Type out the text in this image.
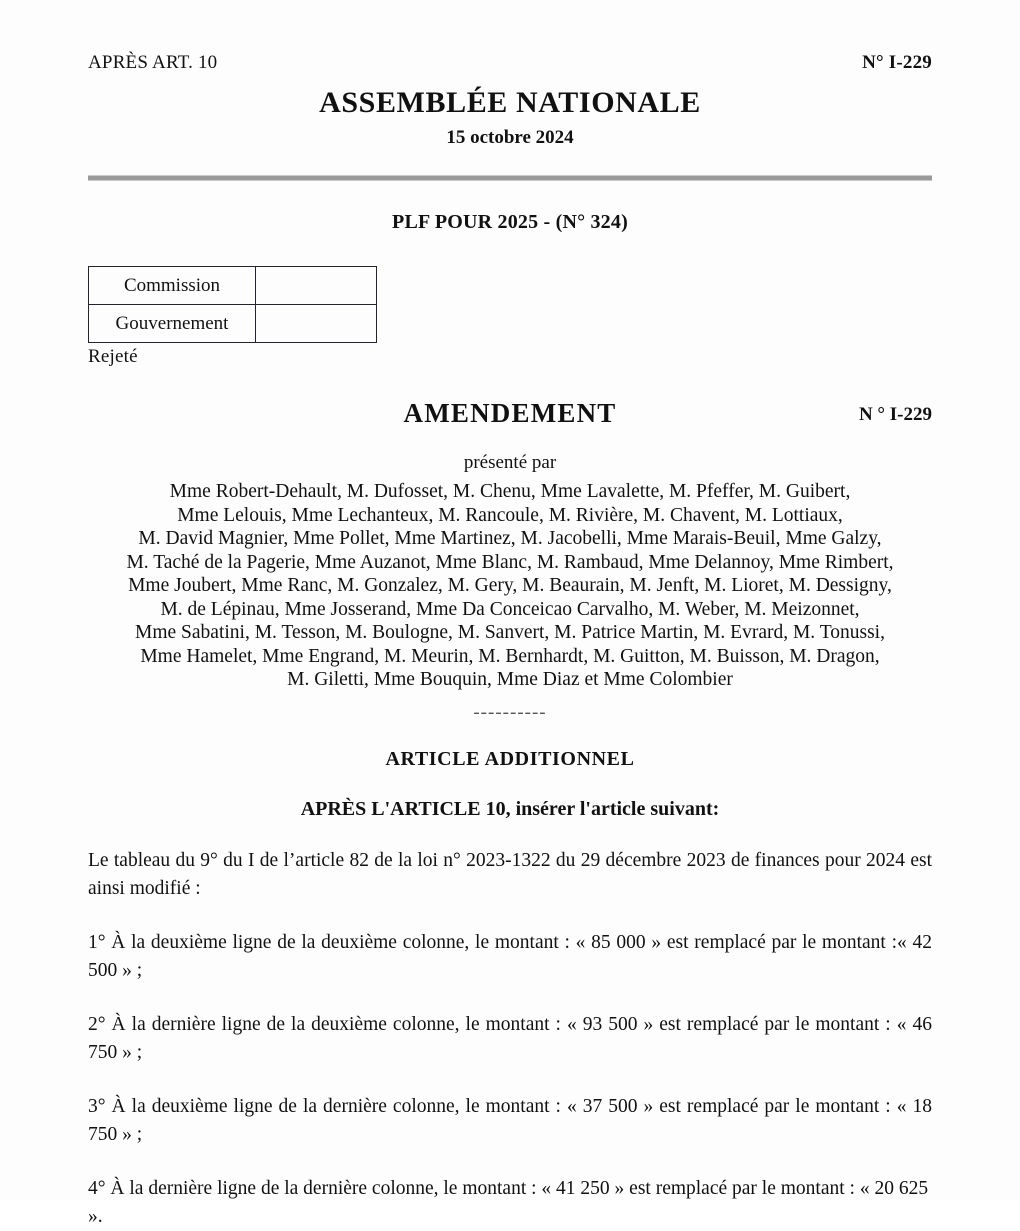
APRÈS ART. 10	N° I-229
ASSEMBLÉE NATIONALE
15 octobre 2024
PLF POUR 2025 - (N° 324)
Commission	
Gouvernement	
Rejeté
AMENDEMENT	N ° I-229
présenté par
Mme Robert-Dehault, M. Dufosset, M. Chenu, Mme Lavalette, M. Pfeffer, M. Guibert,
Mme Lelouis, Mme Lechanteux, M. Rancoule, M. Rivière, M. Chavent, M. Lottiaux,
M. David Magnier, Mme Pollet, Mme Martinez, M. Jacobelli, Mme Marais-Beuil, Mme Galzy,
M. Taché de la Pagerie, Mme Auzanot, Mme Blanc, M. Rambaud, Mme Delannoy, Mme Rimbert,
Mme Joubert, Mme Ranc, M. Gonzalez, M. Gery, M. Beaurain, M. Jenft, M. Lioret, M. Dessigny,
M. de Lépinau, Mme Josserand, Mme Da Conceicao Carvalho, M. Weber, M. Meizonnet,
Mme Sabatini, M. Tesson, M. Boulogne, M. Sanvert, M. Patrice Martin, M. Evrard, M. Tonussi,
Mme Hamelet, Mme Engrand, M. Meurin, M. Bernhardt, M. Guitton, M. Buisson, M. Dragon,
M. Giletti, Mme Bouquin, Mme Diaz et Mme Colombier
----------
ARTICLE ADDITIONNEL
APRÈS L'ARTICLE 10, insérer l'article suivant:

Le tableau du 9° du I de l’article 82 de la loi n° 2023-1322 du 29 décembre 2023 de finances pour 2024 est ainsi modifié :

1° À la deuxième ligne de la deuxième colonne, le montant : « 85 000 » est remplacé par le montant :« 42 500 » ;

2° À la dernière ligne de la deuxième colonne, le montant : « 93 500 » est remplacé par le montant : « 46 750 » ;

3° À la deuxième ligne de la dernière colonne, le montant : « 37 500 » est remplacé par le montant : « 18 750 » ;

4° À la dernière ligne de la dernière colonne, le montant : « 41 250 » est remplacé par le montant : « 20 625 ».
